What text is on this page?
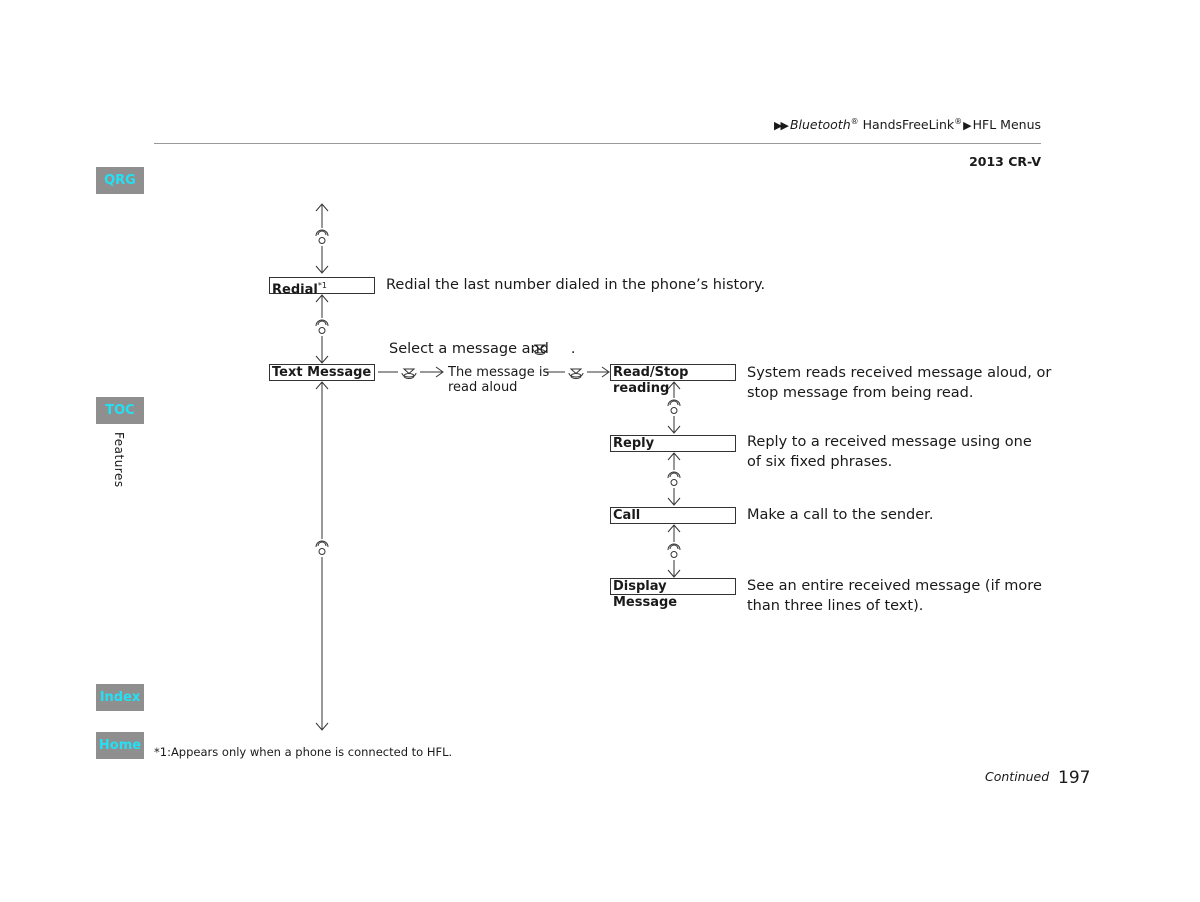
▶▶ Bluetooth® HandsFreeLink®▶HFL Menus
2013 CR-V
QRG
TOC
Features
Index
Home
Redial$^{*1}$	Redial the last number dialed in the phone’s history.
Select a message and .
Text Message	The message is
read aloud
Read/Stop reading
System reads received message aloud, or
stop message from being read.
Reply	Reply to a received message using one
of six fixed phrases.
Call	Make a call to the sender.
Display Message
See an entire received message (if more
than three lines of text).
*1:Appears only when a phone is connected to HFL.
Continued 197
